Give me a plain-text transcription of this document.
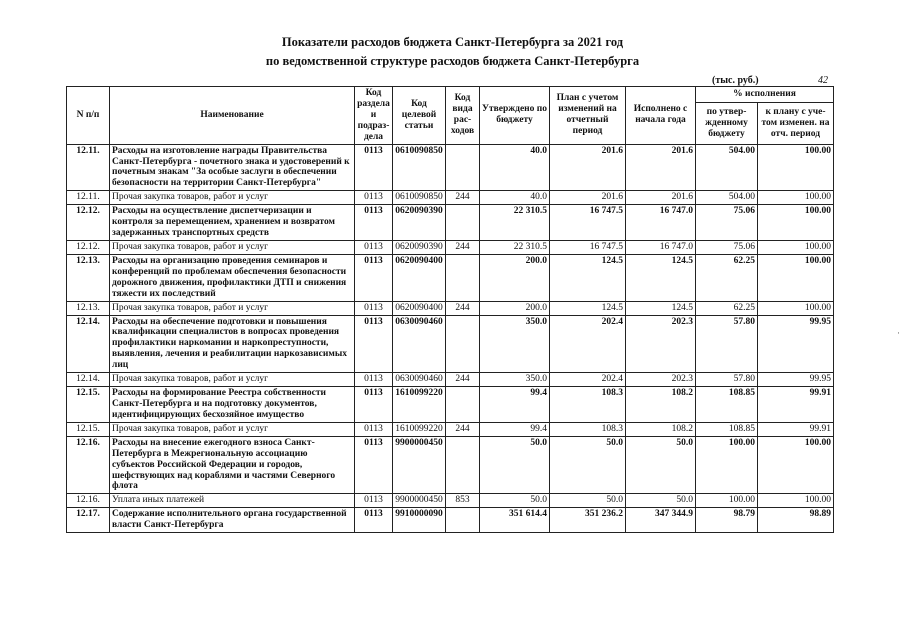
Показатели расходов бюджета Санкт-Петербурга за 2021 год
по ведомственной структуре расходов бюджета Санкт-Петербурга
(тыс. руб.)	42
N п/п	Наименование	Код раздела и подраз-дела	Код целевой статьи	Код вида рас-ходов	Утверждено по бюджету	План с учетом изменений на отчетный период	Исполнено с начала года	% исполнения	
								по утвер-жденному бюджету	к плану с уче-том изменен. на отч. период
12.11.	Расходы на изготовление награды Правительства Санкт-Петербурга - почетного знака и удостоверений к почетным знакам "За особые заслуги в обеспечении безопасности на территории Санкт-Петербурга"	0113	0610090850		40.0	201.6	201.6	504.00	100.00
12.11.	Прочая закупка товаров, работ и услуг	0113	0610090850	244	40.0	201.6	201.6	504.00	100.00
12.12.	Расходы на осуществление диспетчеризации и контроля за перемещением, хранением и возвратом задержанных транспортных средств	0113	0620090390		22 310.5	16 747.5	16 747.0	75.06	100.00
12.12.	Прочая закупка товаров, работ и услуг	0113	0620090390	244	22 310.5	16 747.5	16 747.0	75.06	100.00
12.13.	Расходы на организацию проведения семинаров и конференций по проблемам обеспечения безопасности дорожного движения, профилактики ДТП и снижения тяжести их последствий	0113	0620090400		200.0	124.5	124.5	62.25	100.00
12.13.	Прочая закупка товаров, работ и услуг	0113	0620090400	244	200.0	124.5	124.5	62.25	100.00
12.14.	Расходы на обеспечение подготовки и повышения квалификации специалистов в вопросах проведения профилактики наркомании и наркопреступности, выявления, лечения и реабилитации наркозависимых лиц	0113	0630090460		350.0	202.4	202.3	57.80	99.95
12.14.	Прочая закупка товаров, работ и услуг	0113	0630090460	244	350.0	202.4	202.3	57.80	99.95
12.15.	Расходы на формирование Реестра собственности Санкт-Петербурга и на подготовку документов, идентифицирующих бесхозяйное имущество	0113	1610099220		99.4	108.3	108.2	108.85	99.91
12.15.	Прочая закупка товаров, работ и услуг	0113	1610099220	244	99.4	108.3	108.2	108.85	99.91
12.16.	Расходы на внесение ежегодного взноса Санкт-Петербурга в Межрегиональную ассоциацию субъектов Российской Федерации и городов, шефствующих над кораблями и частями Северного флота	0113	9900000450		50.0	50.0	50.0	100.00	100.00
12.16.	Уплата иных платежей	0113	9900000450	853	50.0	50.0	50.0	100.00	100.00
12.17.	Содержание исполнительного органа государственной власти Санкт-Петербурга	0113	9910000090		351 614.4	351 236.2	347 344.9	98.79	98.89
·
